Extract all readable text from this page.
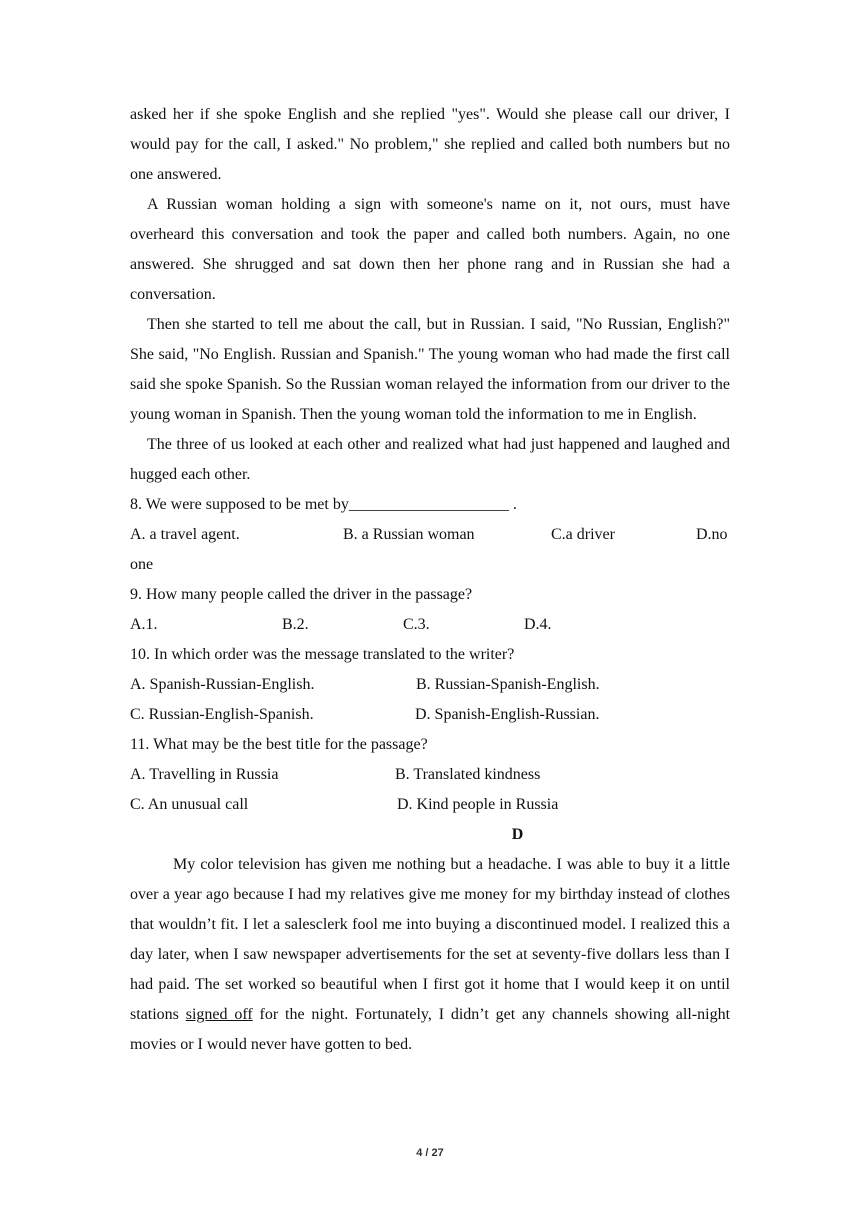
asked her if she spoke English and she replied "yes". Would she please call our driver, I would pay for the call, I asked." No problem," she replied and called both numbers but no one answered.

A Russian woman holding a sign with someone's name on it, not ours, must have overheard this conversation and took the paper and called both numbers. Again, no one answered. She shrugged and sat down then her phone rang and in Russian she had a conversation.

Then she started to tell me about the call, but in Russian. I said, "No Russian, English?" She said, "No English. Russian and Spanish." The young woman who had made the first call said she spoke Spanish. So the Russian woman relayed the information from our driver to the young woman in Spanish. Then the young woman told the information to me in English.

The three of us looked at each other and realized what had just happened and laughed and hugged each other.

8. We were supposed to be met by____________________ .
A. a travel agent.	B. a Russian woman	C.a driver	D.no
one
9. How many people called the driver in the passage?
A.1.	B.2.	C.3.	D.4.
10. In which order was the message translated to the writer?
A. Spanish-Russian-English.	B. Russian-Spanish-English.
C. Russian-English-Spanish.	D. Spanish-English-Russian.
11. What may be the best title for the passage?
A. Travelling in Russia	B. Translated kindness
C. An unusual call	D. Kind people in Russia
D

My color television has given me nothing but a headache. I was able to buy it a little over a year ago because I had my relatives give me money for my birthday instead of clothes that wouldn’t fit. I let a salesclerk fool me into buying a discontinued model. I realized this a day later, when I saw newspaper advertisements for the set at seventy-five dollars less than I had paid. The set worked so beautiful when I first got it home that I would keep it on until stations signed off for the night. Fortunately, I didn’t get any channels showing all-night movies or I would never have gotten to bed.

4 / 27
